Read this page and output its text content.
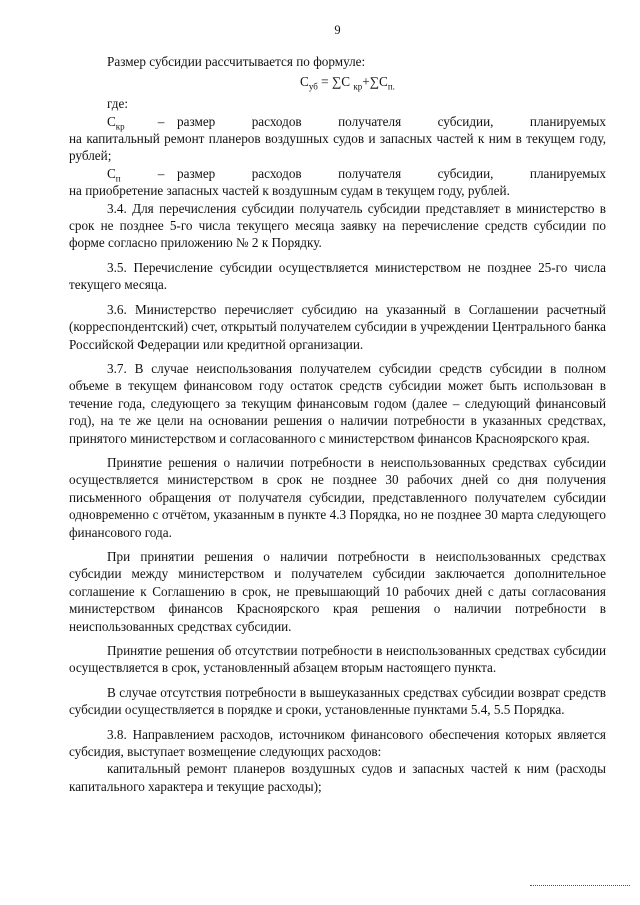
9

Размер субсидии рассчитывается по формуле:

$С_{уб} = \sum С$ $_{кр}+\sum С_{п.}$
где:
$С_{кр}$	– размер расходов получателя субсидии, планируемых

на капитальный ремонт планеров воздушных судов и запасных частей к ним в текущем году, рублей;

$С_п$	– размер расходов получателя субсидии, планируемых

на приобретение запасных частей к воздушным судам в текущем году, рублей.

3.4. Для перечисления субсидии получатель субсидии представляет в министерство в срок не позднее 5-го числа текущего месяца заявку на перечисление средств субсидии по форме согласно приложению № 2 к Порядку.

3.5. Перечисление субсидии осуществляется министерством не позднее 25-го числа текущего месяца.

3.6. Министерство перечисляет субсидию на указанный в Соглашении расчетный (корреспондентский) счет, открытый получателем субсидии в учреждении Центрального банка Российской Федерации или кредитной организации.

3.7. В случае неиспользования получателем субсидии средств субсидии в полном объеме в текущем финансовом году остаток средств субсидии может быть использован в течение года, следующего за текущим финансовым годом (далее – следующий финансовый год), на те же цели на основании решения о наличии потребности в указанных средствах, принятого министерством и согласованного с министерством финансов Красноярского края.

Принятие решения о наличии потребности в неиспользованных средствах субсидии осуществляется министерством в срок не позднее 30 рабочих дней со дня получения письменного обращения от получателя субсидии, представленного получателем субсидии одновременно с отчётом, указанным в пункте 4.3 Порядка, но не позднее 30 марта следующего финансового года.

При принятии решения о наличии потребности в неиспользованных средствах субсидии между министерством и получателем субсидии заключается дополнительное соглашение к Соглашению в срок, не превышающий 10 рабочих дней с даты согласования министерством финансов Красноярского края решения о наличии потребности в неиспользованных средствах субсидии.

Принятие решения об отсутствии потребности в неиспользованных средствах субсидии осуществляется в срок, установленный абзацем вторым настоящего пункта.

В случае отсутствия потребности в вышеуказанных средствах субсидии возврат средств субсидии осуществляется в порядке и сроки, установленные пунктами 5.4, 5.5 Порядка.

3.8. Направлением расходов, источником финансового обеспечения которых является субсидия, выступает возмещение следующих расходов:

капитальный ремонт планеров воздушных судов и запасных частей к ним (расходы капитального характера и текущие расходы);
